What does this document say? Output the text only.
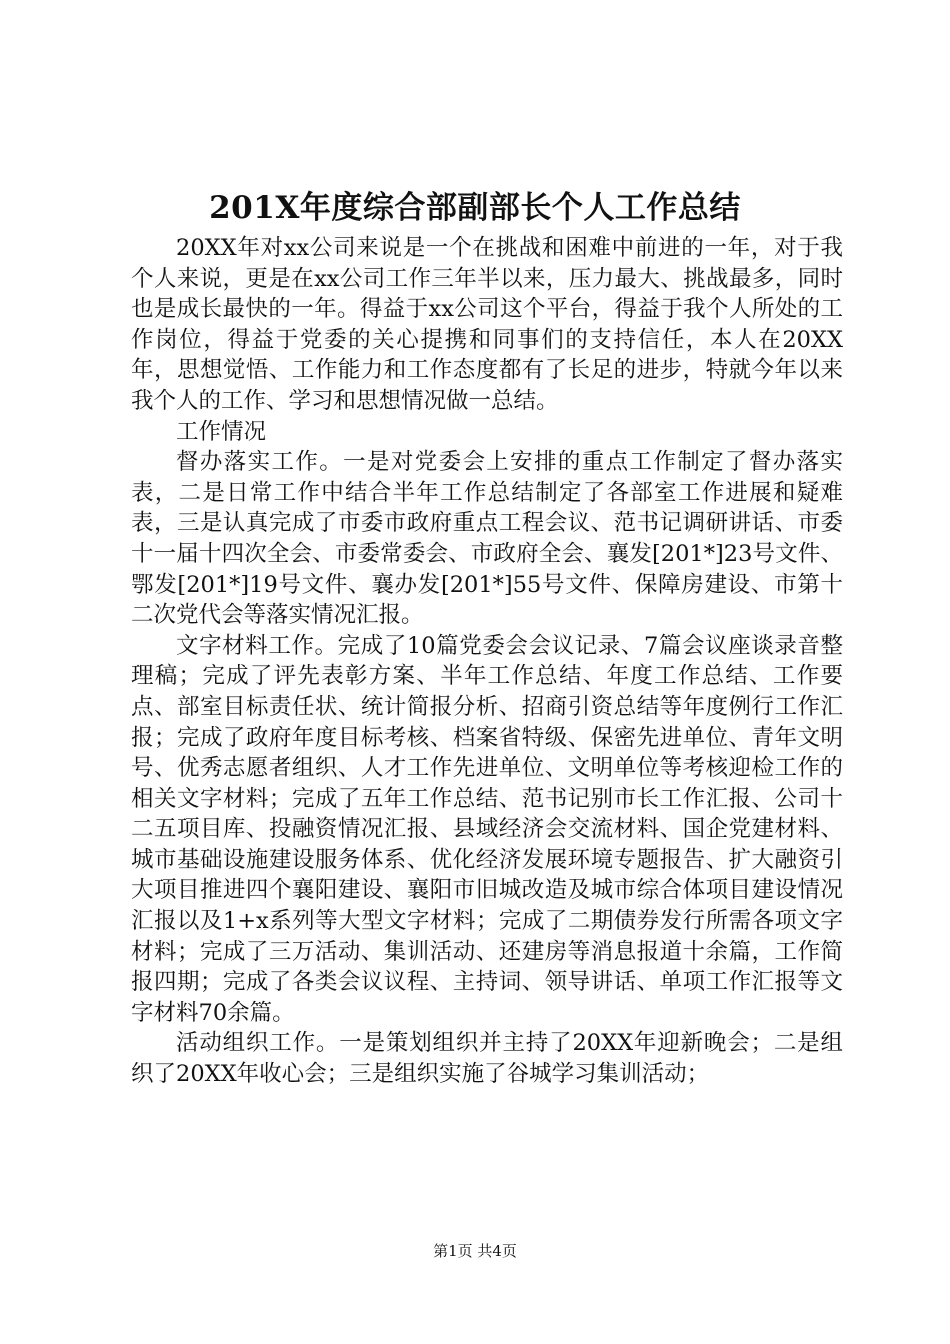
201X年度综合部副部长个人工作总结

20XX年对xx公司来说是一个在挑战和困难中前进的一年，对于我个人来说，更是在xx公司工作三年半以来，压力最大、挑战最多，同时也是成长最快的一年。得益于xx公司这个平台，得益于我个人所处的工作岗位，得益于党委的关心提携和同事们的支持信任，本人在20XX年，思想觉悟、工作能力和工作态度都有了长足的进步，特就今年以来我个人的工作、学习和思想情况做一总结。

工作情况

督办落实工作。一是对党委会上安排的重点工作制定了督办落实表，二是日常工作中结合半年工作总结制定了各部室工作进展和疑难表，三是认真完成了市委市政府重点工程会议、范书记调研讲话、市委十一届十四次全会、市委常委会、市政府全会、襄发[201*]23号文件、鄂发[201*]19号文件、襄办发[201*]55号文件、保障房建设、市第十二次党代会等落实情况汇报。

文字材料工作。完成了10篇党委会会议记录、7篇会议座谈录音整理稿；完成了评先表彰方案、半年工作总结、年度工作总结、工作要点、部室目标责任状、统计简报分析、招商引资总结等年度例行工作汇报；完成了政府年度目标考核、档案省特级、保密先进单位、青年文明号、优秀志愿者组织、人才工作先进单位、文明单位等考核迎检工作的相关文字材料；完成了五年工作总结、范书记别市长工作汇报、公司十二五项目库、投融资情况汇报、县域经济会交流材料、国企党建材料、城市基础设施建设服务体系、优化经济发展环境专题报告、扩大融资引大项目推进四个襄阳建设、襄阳市旧城改造及城市综合体项目建设情况汇报以及1+x系列等大型文字材料；完成了二期债券发行所需各项文字材料；完成了三万活动、集训活动、还建房等消息报道十余篇，工作简报四期；完成了各类会议议程、主持词、领导讲话、单项工作汇报等文字材料70余篇。

活动组织工作。一是策划组织并主持了20XX年迎新晚会；二是组织了20XX年收心会；三是组织实施了谷城学习集训活动；

第1页 共4页
